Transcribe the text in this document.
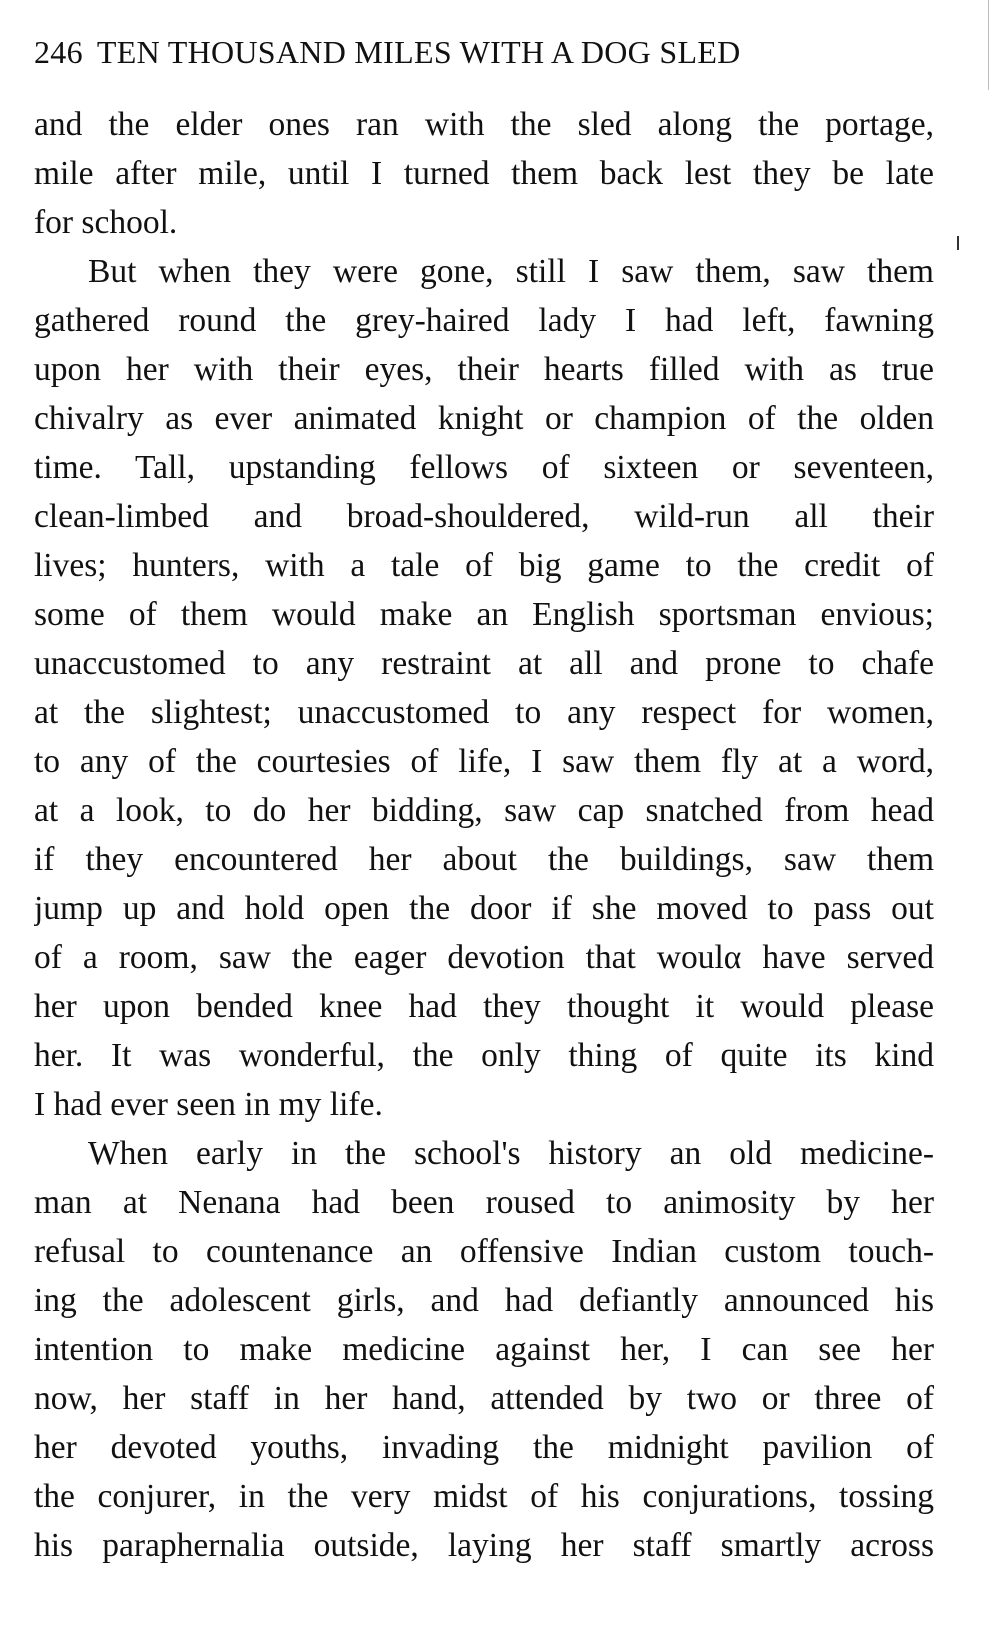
246 TEN THOUSAND MILES WITH A DOG SLED
and the elder ones ran with the sled along the portage,
mile after mile, until I turned them back lest they be late
for school.
But when they were gone, still I saw them, saw them
gathered round the grey-haired lady I had left, fawning
upon her with their eyes, their hearts filled with as true
chivalry as ever animated knight or champion of the olden
time. Tall, upstanding fellows of sixteen or seventeen,
clean-limbed and broad-shouldered, wild-run all their
lives; hunters, with a tale of big game to the credit of
some of them would make an English sportsman envious;
unaccustomed to any restraint at all and prone to chafe
at the slightest; unaccustomed to any respect for women,
to any of the courtesies of life, I saw them fly at a word,
at a look, to do her bidding, saw cap snatched from head
if they encountered her about the buildings, saw them
jump up and hold open the door if she moved to pass out
of a room, saw the eager devotion that woulα have served
her upon bended knee had they thought it would please
her. It was wonderful, the only thing of quite its kind
I had ever seen in my life.
When early in the school's history an old medicine-
man at Nenana had been roused to animosity by her
refusal to countenance an offensive Indian custom touch-
ing the adolescent girls, and had defiantly announced his
intention to make medicine against her, I can see her
now, her staff in her hand, attended by two or three of
her devoted youths, invading the midnight pavilion of
the conjurer, in the very midst of his conjurations, tossing
his paraphernalia outside, laying her staff smartly across
